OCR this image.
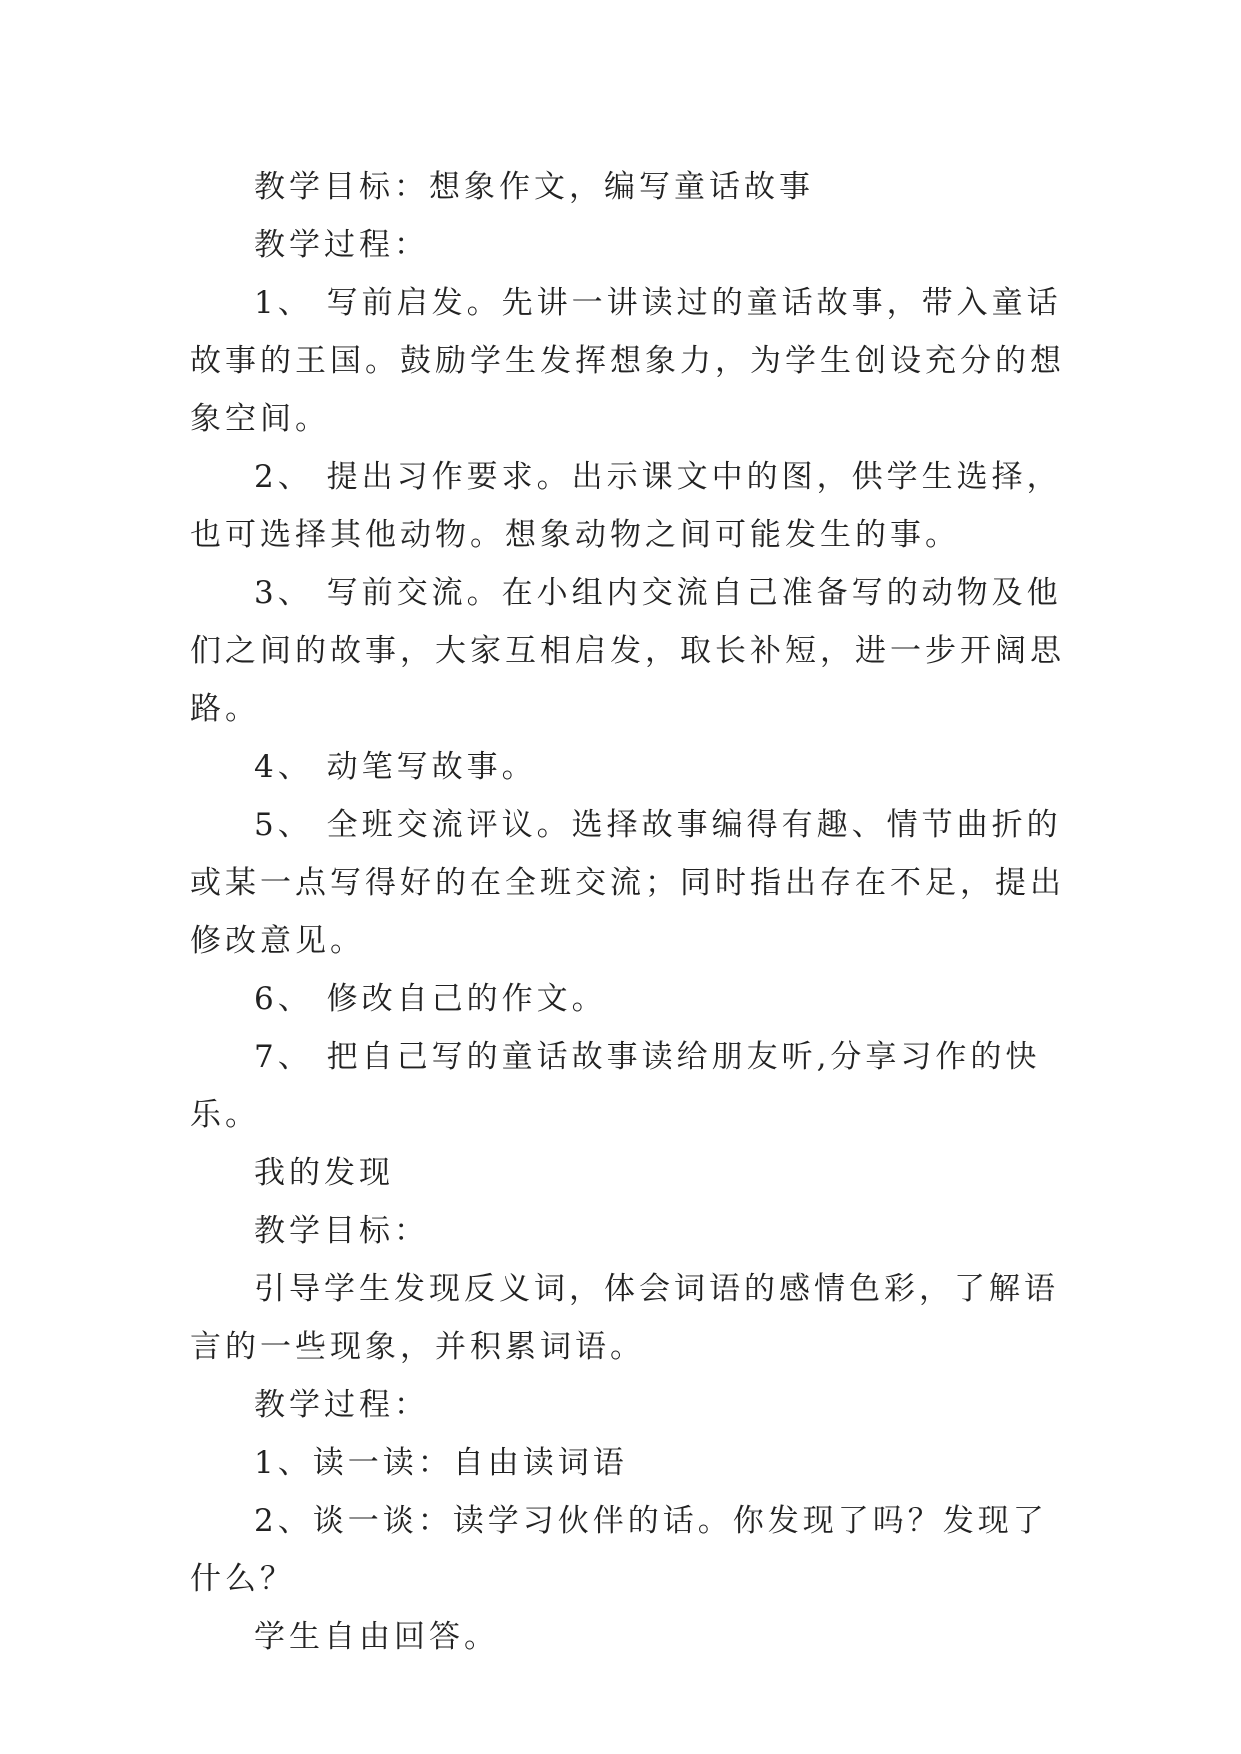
教学目标：想象作文，编写童话故事

教学过程：

1、 写前启发。先讲一讲读过的童话故事，带入童话故事的王国。鼓励学生发挥想象力，为学生创设充分的想象空间。

2、 提出习作要求。出示课文中的图，供学生选择，也可选择其他动物。想象动物之间可能发生的事。

3、 写前交流。在小组内交流自己准备写的动物及他们之间的故事，大家互相启发，取长补短，进一步开阔思路。

4、 动笔写故事。

5、 全班交流评议。选择故事编得有趣、情节曲折的或某一点写得好的在全班交流；同时指出存在不足，提出修改意见。

6、 修改自己的作文。

7、 把自己写的童话故事读给朋友听,分享习作的快乐。

我的发现

教学目标：

引导学生发现反义词，体会词语的感情色彩，了解语言的一些现象，并积累词语。

教学过程：

1、读一读：自由读词语

2、谈一谈：读学习伙伴的话。你发现了吗？发现了什么？

学生自由回答。
